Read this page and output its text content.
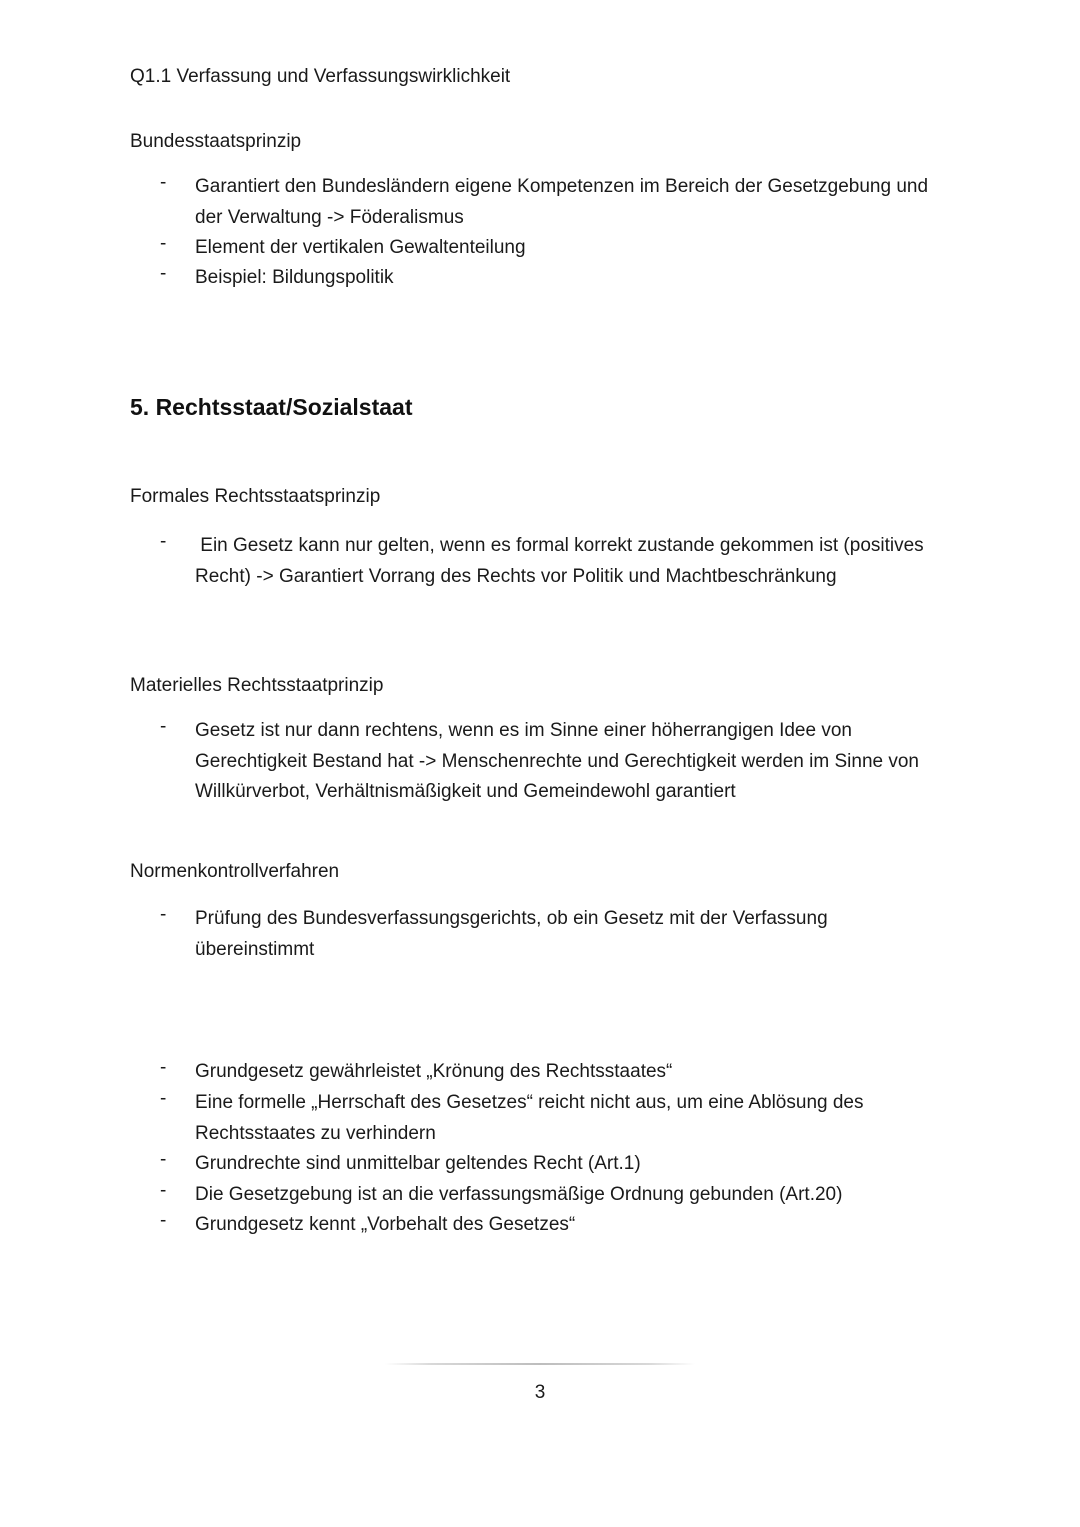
Q1.1 Verfassung und Verfassungswirklichkeit
Bundesstaatsprinzip
- Garantiert den Bundesländern eigene Kompetenzen im Bereich der Gesetzgebung und der Verwaltung -> Föderalismus
- Element der vertikalen Gewaltenteilung
- Beispiel: Bildungspolitik
5. Rechtsstaat/Sozialstaat
Formales Rechtsstaatsprinzip
- Ein Gesetz kann nur gelten, wenn es formal korrekt zustande gekommen ist (positives Recht) -> Garantiert Vorrang des Rechts vor Politik und Machtbeschränkung
Materielles Rechtsstaatprinzip
- Gesetz ist nur dann rechtens, wenn es im Sinne einer höherrangigen Idee von Gerechtigkeit Bestand hat -> Menschenrechte und Gerechtigkeit werden im Sinne von Willkürverbot, Verhältnismäßigkeit und Gemeindewohl garantiert
Normenkontrollverfahren
- Prüfung des Bundesverfassungsgerichts, ob ein Gesetz mit der Verfassung übereinstimmt
- Grundgesetz gewährleistet „Krönung des Rechtsstaates“
- Eine formelle „Herrschaft des Gesetzes“ reicht nicht aus, um eine Ablösung des Rechtsstaates zu verhindern
- Grundrechte sind unmittelbar geltendes Recht (Art.1)
- Die Gesetzgebung ist an die verfassungsmäßige Ordnung gebunden (Art.20)
- Grundgesetz kennt „Vorbehalt des Gesetzes“
3
